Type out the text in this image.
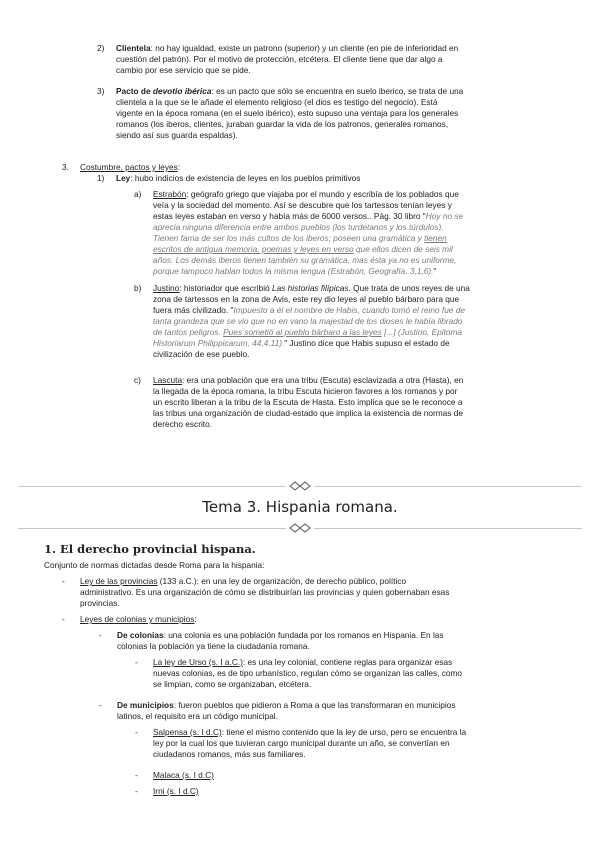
2) Clientela: no hay igualdad, existe un patrono (superior) y un cliente (en pie de inferioridad en
cuestión del patrón). Por el motivo de protección, etcétera. El cliente tiene que dar algo a
cambio por ese servicio que se pide.
3) Pacto de devotio ibérica: es un pacto que sólo se encuentra en suelo iberico, se trata de una
clientela a la que se le añade el elemento religioso (el dios es testigo del negocio). Está
vigente en la época romana (en el suelo ibérico), esto supuso una ventaja para los generales
romanos (los iberos, clientes, juraban guardar la vida de los patronos, generales romanos,
siendo así sus guarda espaldas).
3. Costumbre, pactos y leyes:
1) Ley: hubo indicios de existencia de leyes en los pueblos primitivos
a) Estrabón: geógrafo griego que viajaba por el mundo y escribía de los poblados que
veía y la sociedad del momento. Así se descubre que los tartessos tenían leyes y
estas leyes estaban en verso y había más de 6000 versos.. Pág. 30 libro "Hoy no se
aprecia ninguna diferencia entre ambos pueblos (los turdetanos y los túrdulos).
Tienen fama de ser los más cultos de los iberos; poseen una gramática y tienen
escritos de antigua memoria, poemas y leyes en verso que ellos dicen de seis mil
años. Los demás iberos tienen también su gramática, mas ésta ya no es uniforme,
porque tampoco hablan todos la misma lengua (Estrabón, Geografía, 3,1,6)."
b) Justino: historiador que escribió Las historias filípicas. Que trata de unos reyes de una
zona de tartessos en la zona de Avis, este rey dio leyes al pueblo bárbaro para que
fuera más civilizado. "Impuesto a él el nombre de Habis, cuando tomó el reino fue de
tanta grandeza que se vio que no en vano la majestad de los dioses le había librado
de tantos peligros. Pues sometió al pueblo bárbaro a las leyes [...] (Justino, Epitoma
Historiarum Philippicarum, 44,4,11)." Justino dice que Habis supuso el estado de
civilización de ese pueblo.
c) Lascuta: era una población que era una tribu (Escuta) esclavizada a otra (Hasta), en
la llegada de la época romana, la tribu Escuta hicieron favores a los romanos y por
un escrito liberan a la tribu de la Escuta de Hasta. Esto implica que se le reconoce a
las tribus una organización de ciudad-estado que implica la existencia de normas de
derecho escrito.
Tema 3. Hispania romana.
1. El derecho provincial hispana.
Conjunto de normas dictadas desde Roma para la hispania:
- Ley de las provincias (133 a.C.): en una ley de organización, de derecho público, político
administrativo. Es una organización de cómo se distribuirían las provincias y quien gobernaban esas
provincias.
- Leyes de colonias y municipios:
- De colonias: una colonia es una población fundada por los romanos en Hispania. En las
colonias la población ya tiene la ciudadanía romana.
- La ley de Urso (s. I a.C.): es una ley colonial, contiene reglas para organizar esas
nuevas colonias, es de tipo urbanístico, regulan cómo se organizan las calles, como
se limpian, como se organizaban, etcétera.
- De municipios: fueron pueblos que pidieron a Roma a que las transformaran en municipios
latinos, el requisito era un código municipal.
- Salpensa (s. I d.C): tiene el mismo contenido que la ley de urso, pero se encuentra la
ley por la cual los que tuvieran cargo municipal durante un año, se convertían en
ciudadanos romanos, más sus familiares.
- Malaca (s. I d.C)
- Irni (s. I d.C)
